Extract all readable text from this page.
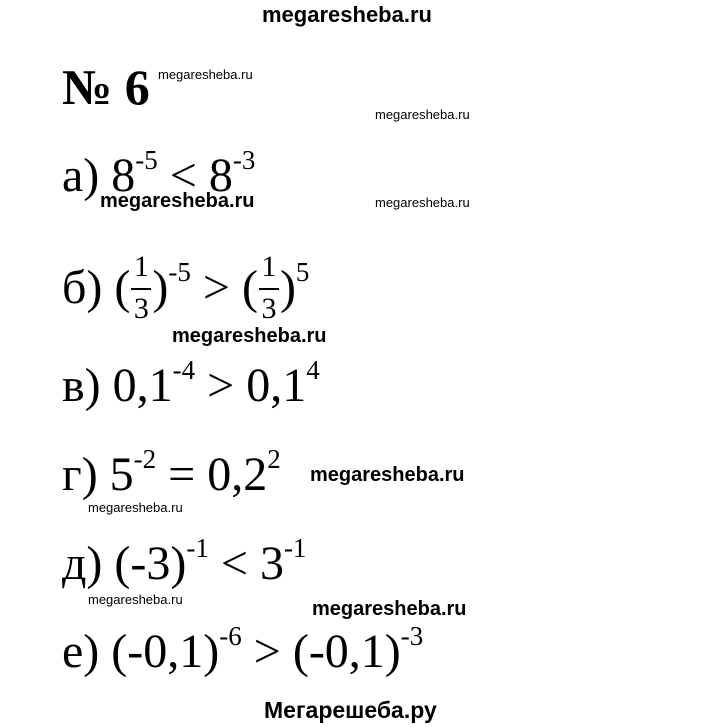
megaresheba.ru
№ 6 megaresheba.ru
megaresheba.ru
megaresheba.ru	megaresheba.ru
megaresheba.ru
megaresheba.ru
megaresheba.ru
megaresheba.ru	megaresheba.ru
а) $8^{-5} < 8^{-3}$
б) ( $\frac{1}{3} )^{-5}$ > ( $\frac{1}{3} )^5$
в) $0,1^{-4} > 0,1^4$
г) $5^{-2} = 0,2^2$
д) $(-3)^{-1} < 3^{-1}$
е) $(-0,1)^{-6} > (-0,1)^{-3}$
Мегарешеба.ру
